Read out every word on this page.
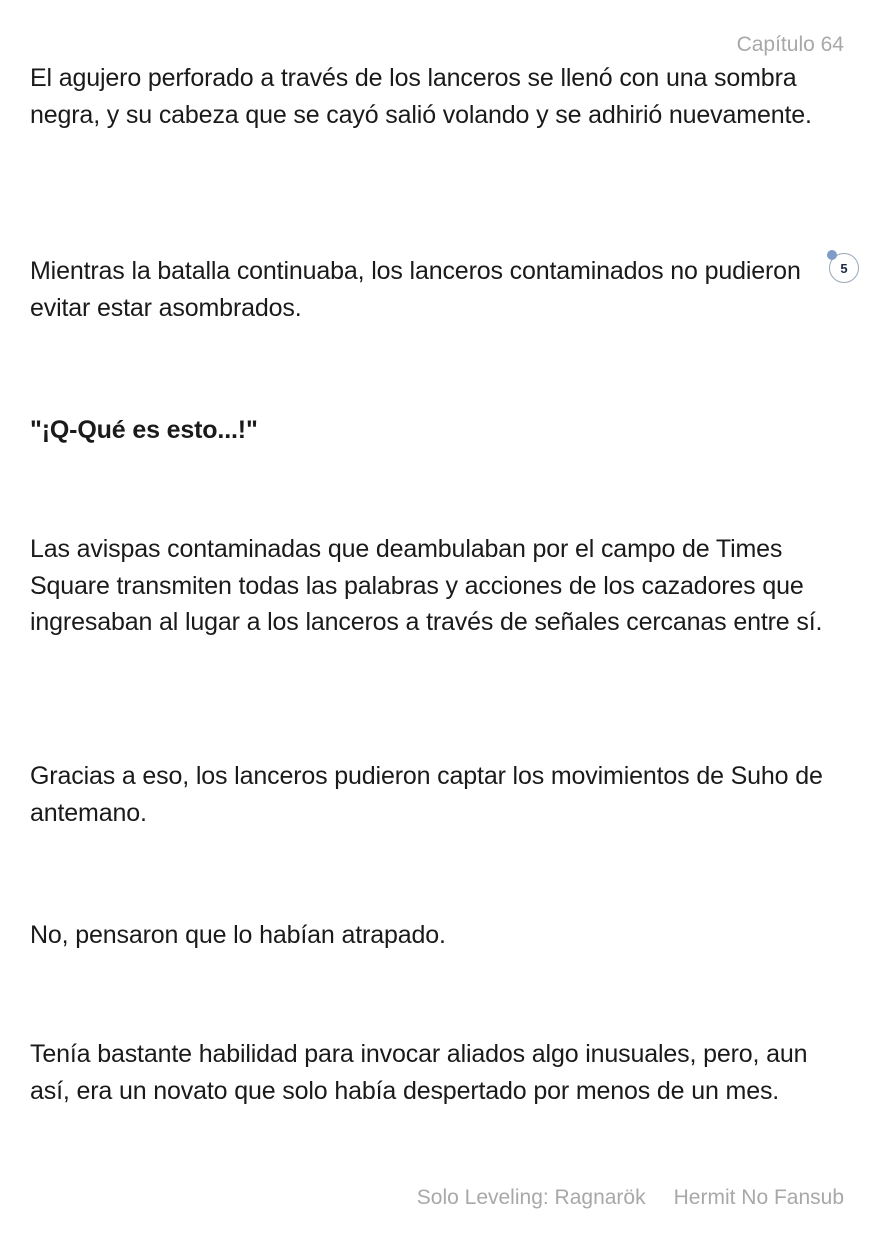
Capítulo 64

El agujero perforado a través de los lanceros se llenó con una sombra negra, y su cabeza que se cayó salió volando y se adhirió nuevamente.

Mientras la batalla continuaba, los lanceros contaminados no pudieron evitar estar asombrados.

"¡Q-Qué es esto...!"

Las avispas contaminadas que deambulaban por el campo de Times Square transmiten todas las palabras y acciones de los cazadores que ingresaban al lugar a los lanceros a través de señales cercanas entre sí.

Gracias a eso, los lanceros pudieron captar los movimientos de Suho de antemano.

No, pensaron que lo habían atrapado.

Tenía bastante habilidad para invocar aliados algo inusuales, pero, aun así, era un novato que solo había despertado por menos de un mes.

5
Solo Leveling: Ragnarök Hermit No Fansub
